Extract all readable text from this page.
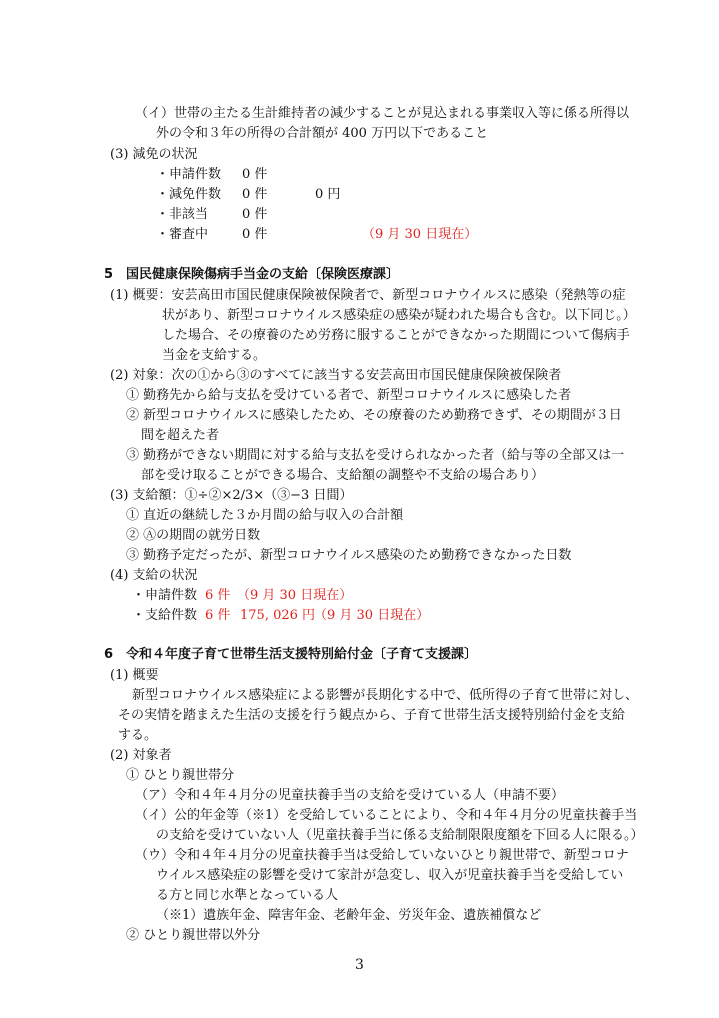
（イ）世帯の主たる生計維持者の減少することが見込まれる事業収入等に係る所得以
外の令和３年の所得の合計額が 400 万円以下であること
(3) 減免の状況
・申請件数 0 件
・減免件数 0 件	0 円
・非該当	0 件
・審査中	0 件	（9 月 30 日現在）
5　国民健康保険傷病手当金の支給〔保険医療課〕
(1) 概要：安芸高田市国民健康保険被保険者で、新型コロナウイルスに感染（発熱等の症
状があり、新型コロナウイルス感染症の感染が疑われた場合も含む。以下同じ。）
した場合、その療養のため労務に服することができなかった期間について傷病手
当金を支給する。
(2) 対象：次の①から③のすべてに該当する安芸高田市国民健康保険被保険者
① 勤務先から給与支払を受けている者で、新型コロナウイルスに感染した者
② 新型コロナウイルスに感染したため、その療養のため勤務できず、その期間が３日
間を超えた者
③ 勤務ができない期間に対する給与支払を受けられなかった者（給与等の全部又は一
部を受け取ることができる場合、支給額の調整や不支給の場合あり）
(3) 支給額：①÷②×2/3×（③−3 日間）
① 直近の継続した３か月間の給与収入の合計額
② Ⓐの期間の就労日数
③ 勤務予定だったが、新型コロナウイルス感染のため勤務できなかった日数
(4) 支給の状況
・申請件数 6 件 （9 月 30 日現在）
・支給件数 6 件 175, 026 円
（9 月 30 日現在）
6　令和４年度子育て世帯生活支援特別給付金〔子育て支援課〕
(1) 概要
新型コロナウイルス感染症による影響が長期化する中で、低所得の子育て世帯に対し、
その実情を踏まえた生活の支援を行う観点から、子育て世帯生活支援特別給付金を支給
する。
(2) 対象者
① ひとり親世帯分
（ア）令和４年４月分の児童扶養手当の支給を受けている人（申請不要）
（イ）公的年金等（※1）を受給していることにより、令和４年４月分の児童扶養手当
の支給を受けていない人（児童扶養手当に係る支給制限限度額を下回る人に限る。）
（ウ）令和４年４月分の児童扶養手当は受給していないひとり親世帯で、新型コロナ
ウイルス感染症の影響を受けて家計が急変し、収入が児童扶養手当を受給してい
る方と同じ水準となっている人
（※1）遺族年金、障害年金、老齢年金、労災年金、遺族補償など
② ひとり親世帯以外分
3
